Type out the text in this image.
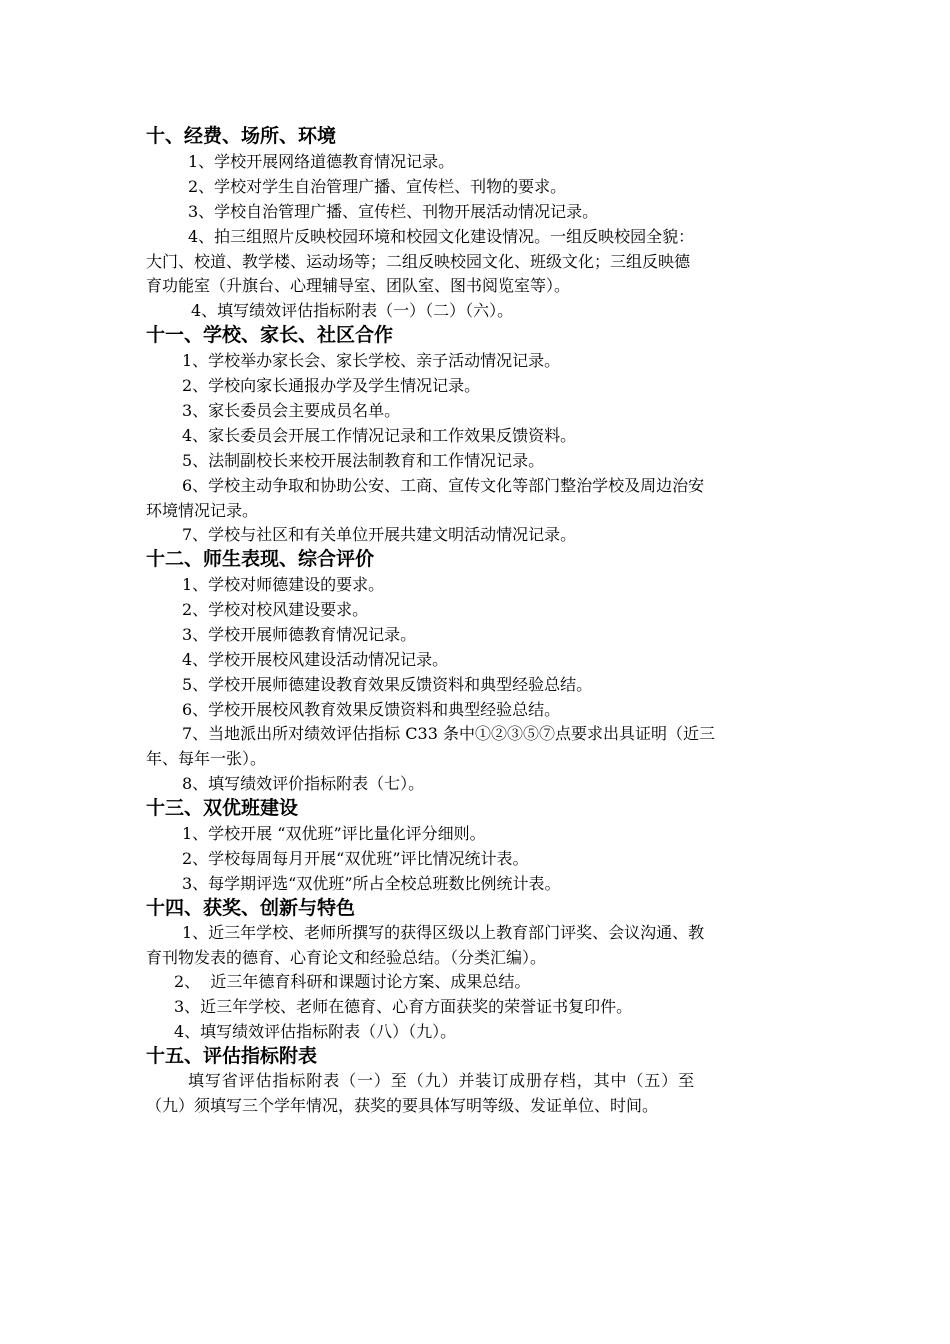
十、经费、场所、环境
1、学校开展网络道德教育情况记录。
2、学校对学生自治管理广播、宣传栏、刊物的要求。
3、学校自治管理广播、宣传栏、刊物开展活动情况记录。
4、拍三组照片反映校园环境和校园文化建设情况。一组反映校园全貌：
大门、校道、教学楼、运动场等；二组反映校园文化、班级文化；三组反映德
育功能室（升旗台、心理辅导室、团队室、图书阅览室等）。
4、填写绩效评估指标附表（一）（二）（六）。
十一、学校、家长、社区合作
1、学校举办家长会、家长学校、亲子活动情况记录。
2、学校向家长通报办学及学生情况记录。
3、家长委员会主要成员名单。
4、家长委员会开展工作情况记录和工作效果反馈资料。
5、法制副校长来校开展法制教育和工作情况记录。
6、学校主动争取和协助公安、工商、宣传文化等部门整治学校及周边治安
环境情况记录。
7、学校与社区和有关单位开展共建文明活动情况记录。
十二、师生表现、综合评价
1、学校对师德建设的要求。
2、学校对校风建设要求。
3、学校开展师德教育情况记录。
4、学校开展校风建设活动情况记录。
5、学校开展师德建设教育效果反馈资料和典型经验总结。
6、学校开展校风教育效果反馈资料和典型经验总结。
7、当地派出所对绩效评估指标 C33 条中①②③⑤⑦点要求出具证明（近三
年、每年一张）。
8、填写绩效评价指标附表（七）。
十三、双优班建设
1、学校开展 “双优班”评比量化评分细则。
2、学校每周每月开展“双优班”评比情况统计表。
3、每学期评选“双优班”所占全校总班数比例统计表。
十四、获奖、创新与特色
1、近三年学校、老师所撰写的获得区级以上教育部门评奖、会议沟通、教
育刊物发表的德育、心育论文和经验总结。（分类汇编）。
2、  近三年德育科研和课题讨论方案、成果总结。
3、近三年学校、老师在德育、心育方面获奖的荣誉证书复印件。
4、填写绩效评估指标附表（八）（九）。
十五、评估指标附表
填写省评估指标附表（一）至（九）并装订成册存档，其中（五）至
（九）须填写三个学年情况，获奖的要具体写明等级、发证单位、时间。
